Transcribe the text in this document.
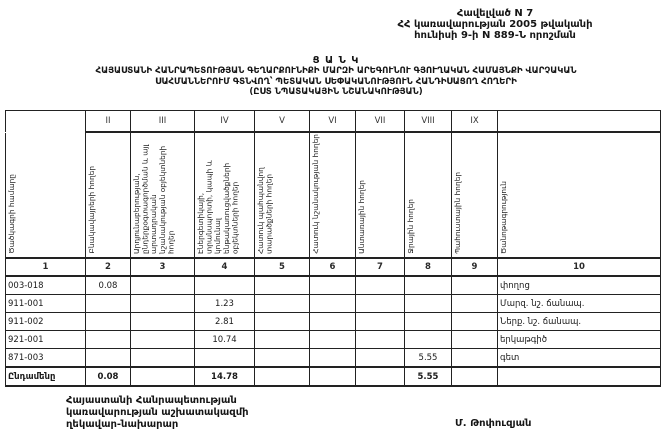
Հավելված N 7
ՀՀ կառավարության 2005 թվականի
հունիսի 9-ի N 889-Ն որոշման
Ց Ա Ն Կ
ՀԱՅԱՍՏԱՆԻ ՀԱՆՐԱՊԵՏՈՒԹՅԱՆ ԳԵՂԱՐՔՈՒՆԻՔԻ ՄԱՐԶԻ ԱՐԵԳՈՒՆՈՒ ԳՅՈՒՂԱԿԱՆ ՀԱՄԱՅՆՔԻ ՎԱՐՉԱԿԱՆ
ՍԱՀՄԱՆՆԵՐՈՒՄ ԳՏՆՎՈՂ՝ ՊԵՏԱԿԱՆ ՍԵՓԱԿԱՆՈՒԹՅՈՒՆ ՀԱՆԴԻՍԱՑՈՂ ՀՈՂԵՐԻ
(ԸՍՏ ՆՊԱՏԱԿԱՅԻՆ ՆՇԱՆԱԿՈՒԹՅԱՆ)
	II	III	IV	V	VI	VII	VIII	IX	
Ծածկագրի համարը	Բնակավայրերի հողեր	Արդյունաբերության, ընդերքօգտագործման և այլ արտադրական նշանակության օբյեկտների հողեր	Էներգետիկայի, տրանսպորտի, կապի և կոմունալ ենթակառուցվածքների օբյեկտների հողեր	Հատուկ պահպանվող տարածքների հողեր	Հատուկ նշանակության հողեր	Անտառային հողեր	Ջրային հողեր	Պահուստային հողեր	Ծանոթագրություն
1	2	3	4	5	6	7	8	9	10
003-018	0.08								փողոց
911-001			1.23						Մարզ. նշ. ճանապ.
911-002			2.81						Ներք. նշ. ճանապ.
921-001			10.74						երկաթգիծ
871-003							5.55		գետ
Ընդամենը	0.08		14.78				5.55		
Հայաստանի Հանրապետության
կառավարության աշխատակազմի
ղեկավար-նախարար	Մ. Թոփուզյան
